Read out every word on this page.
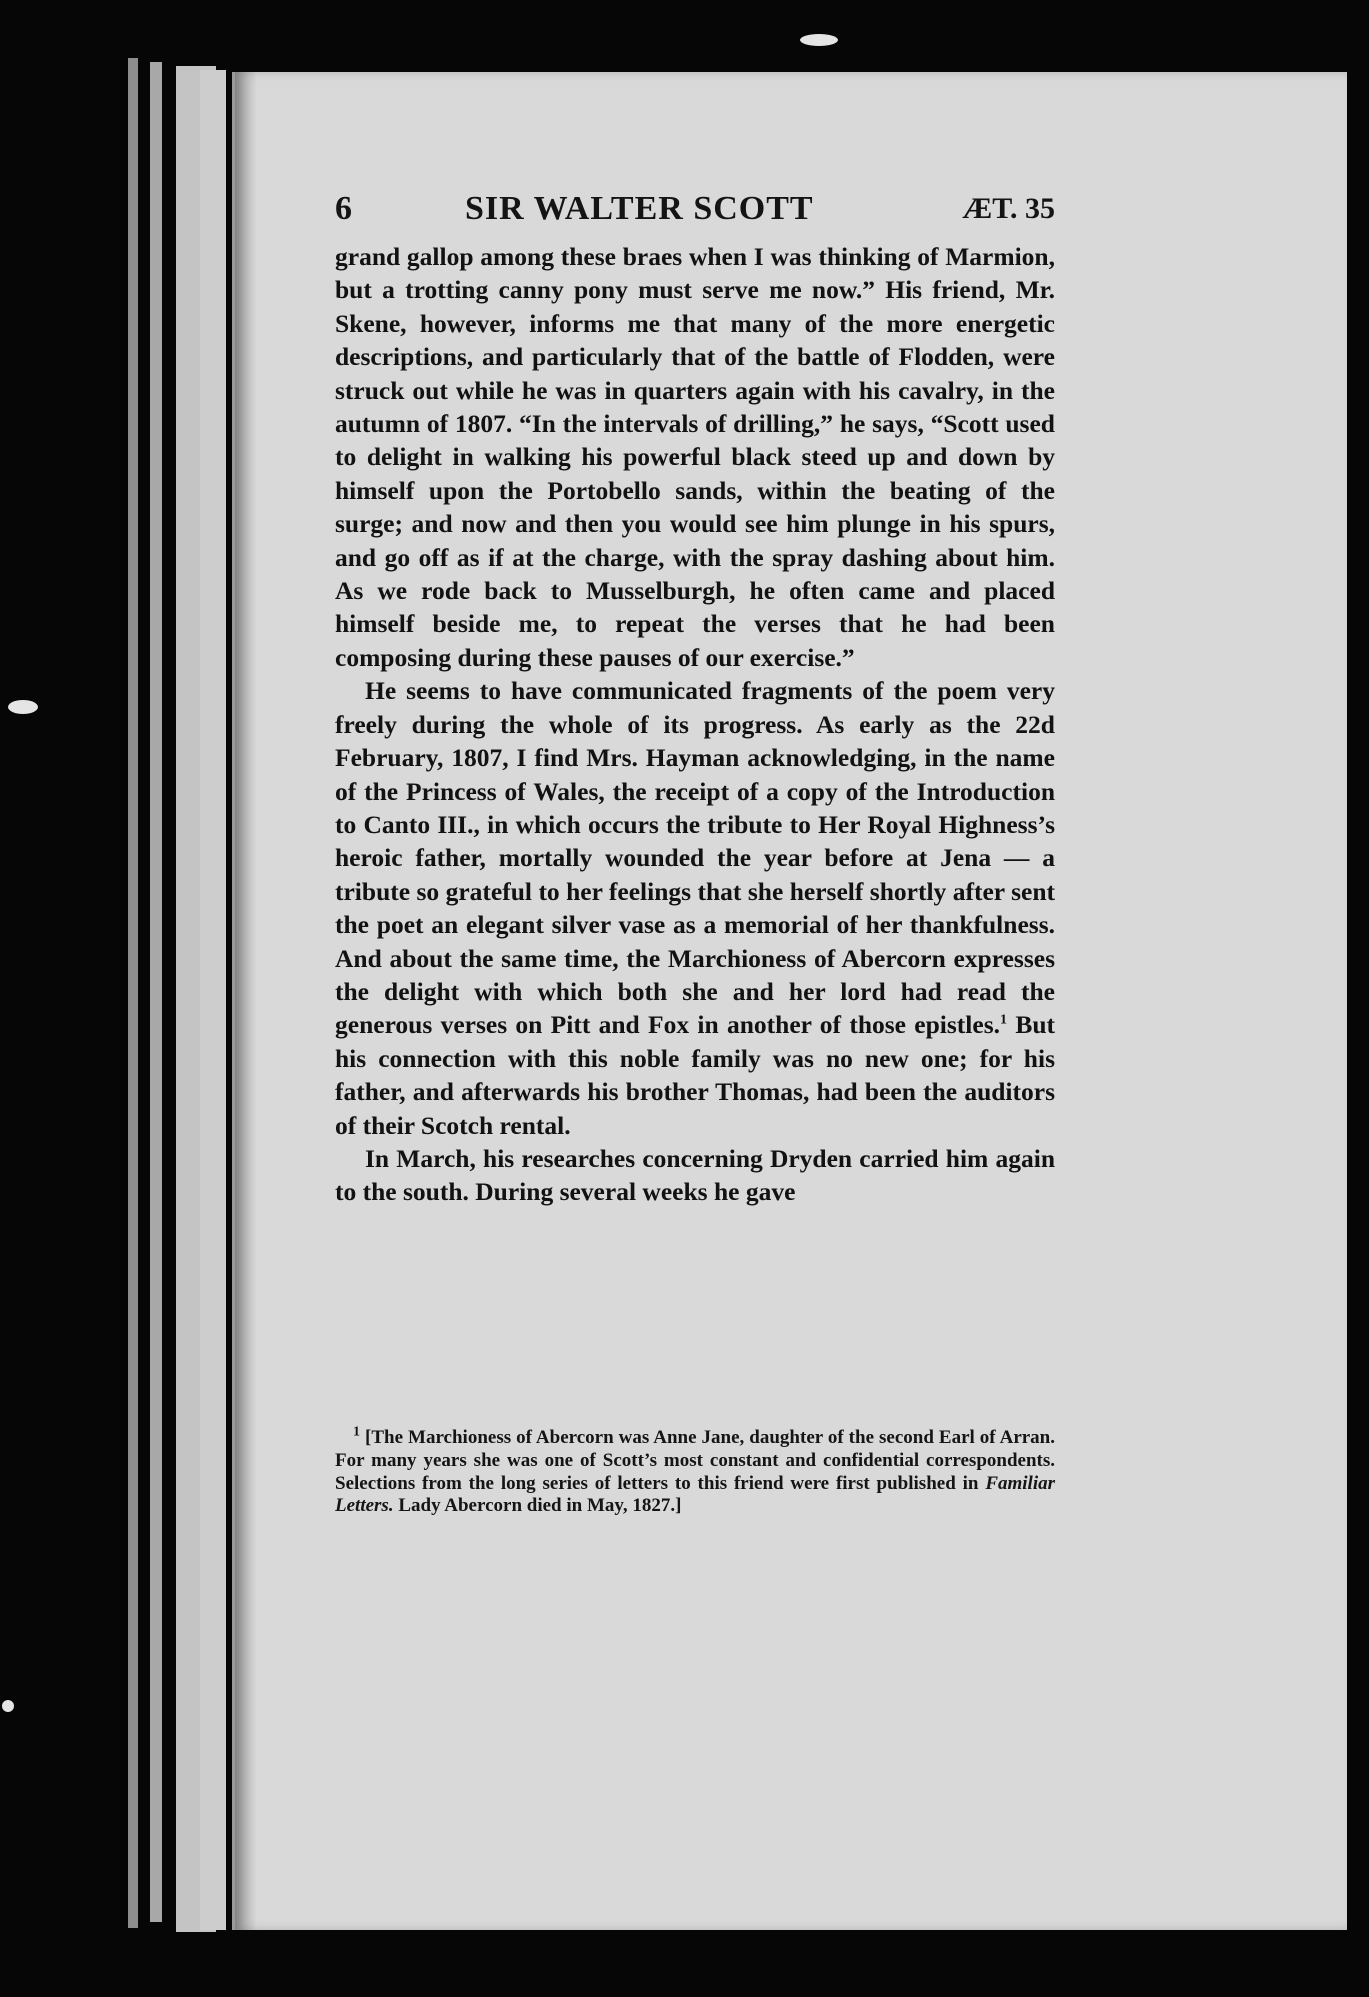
6	SIR WALTER SCOTT	ÆT. 35

grand gallop among these braes when I was thinking of Marmion, but a trotting canny pony must serve me now.” His friend, Mr. Skene, however, informs me that many of the more energetic descriptions, and particularly that of the battle of Flodden, were struck out while he was in quarters again with his cavalry, in the autumn of 1807. “In the intervals of drilling,” he says, “Scott used to delight in walking his powerful black steed up and down by himself upon the Portobello sands, within the beating of the surge; and now and then you would see him plunge in his spurs, and go off as if at the charge, with the spray dashing about him. As we rode back to Musselburgh, he often came and placed himself beside me, to repeat the verses that he had been composing during these pauses of our exercise.”

He seems to have communicated fragments of the poem very freely during the whole of its progress. As early as the 22d February, 1807, I find Mrs. Hayman acknowledging, in the name of the Princess of Wales, the receipt of a copy of the Introduction to Canto III., in which occurs the tribute to Her Royal Highness’s heroic father, mortally wounded the year before at Jena — a tribute so grateful to her feelings that she herself shortly after sent the poet an elegant silver vase as a memorial of her thankfulness. And about the same time, the Marchioness of Abercorn expresses the delight with which both she and her lord had read the generous verses on Pitt and Fox in another of those epistles.$^1$ But his connection with this noble family was no new one; for his father, and afterwards his brother Thomas, had been the auditors of their Scotch rental.

In March, his researches concerning Dryden carried him again to the south. During several weeks he gave

$^1$ [The Marchioness of Abercorn was Anne Jane, daughter of the second Earl of Arran. For many years she was one of Scott’s most constant and confidential correspondents. Selections from the long series of letters to this friend were first published in Familiar Letters. Lady Abercorn died in May, 1827.]
